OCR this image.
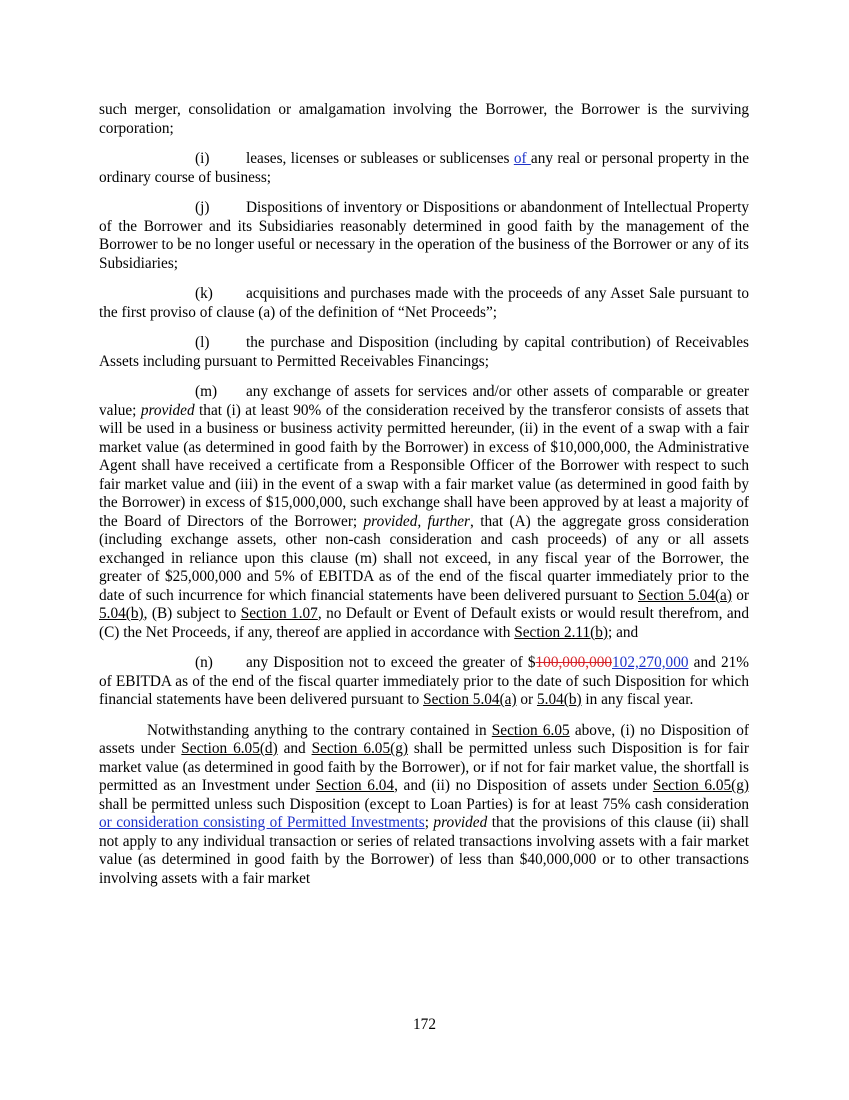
such merger, consolidation or amalgamation involving the Borrower, the Borrower is the surviving corporation;

(i) leases, licenses or subleases or sublicenses of any real or personal property in the ordinary course of business;

(j) Dispositions of inventory or Dispositions or abandonment of Intellectual Property of the Borrower and its Subsidiaries reasonably determined in good faith by the management of the Borrower to be no longer useful or necessary in the operation of the business of the Borrower or any of its Subsidiaries;

(k) acquisitions and purchases made with the proceeds of any Asset Sale pursuant to the first proviso of clause (a) of the definition of “Net Proceeds”;

(l) the purchase and Disposition (including by capital contribution) of Receivables Assets including pursuant to Permitted Receivables Financings;

(m) any exchange of assets for services and/or other assets of comparable or greater value; provided that (i) at least 90% of the consideration received by the transferor consists of assets that will be used in a business or business activity permitted hereunder, (ii) in the event of a swap with a fair market value (as determined in good faith by the Borrower) in excess of $10,000,000, the Administrative Agent shall have received a certificate from a Responsible Officer of the Borrower with respect to such fair market value and (iii) in the event of a swap with a fair market value (as determined in good faith by the Borrower) in excess of $15,000,000, such exchange shall have been approved by at least a majority of the Board of Directors of the Borrower; provided, further, that (A) the aggregate gross consideration (including exchange assets, other non-cash consideration and cash proceeds) of any or all assets exchanged in reliance upon this clause (m) shall not exceed, in any fiscal year of the Borrower, the greater of $25,000,000 and 5% of EBITDA as of the end of the fiscal quarter immediately prior to the date of such incurrence for which financial statements have been delivered pursuant to Section 5.04(a) or 5.04(b), (B) subject to Section 1.07, no Default or Event of Default exists or would result therefrom, and (C) the Net Proceeds, if any, thereof are applied in accordance with Section 2.11(b); and

(n) any Disposition not to exceed the greater of $100,000,000102,270,000 and 21% of EBITDA as of the end of the fiscal quarter immediately prior to the date of such Disposition for which financial statements have been delivered pursuant to Section 5.04(a) or 5.04(b) in any fiscal year.

Notwithstanding anything to the contrary contained in Section 6.05 above, (i) no Disposition of assets under Section 6.05(d) and Section 6.05(g) shall be permitted unless such Disposition is for fair market value (as determined in good faith by the Borrower), or if not for fair market value, the shortfall is permitted as an Investment under Section 6.04, and (ii) no Disposition of assets under Section 6.05(g) shall be permitted unless such Disposition (except to Loan Parties) is for at least 75% cash consideration or consideration consisting of Permitted Investments; provided that the provisions of this clause (ii) shall not apply to any individual transaction or series of related transactions involving assets with a fair market value (as determined in good faith by the Borrower) of less than $40,000,000 or to other transactions involving assets with a fair market

172
